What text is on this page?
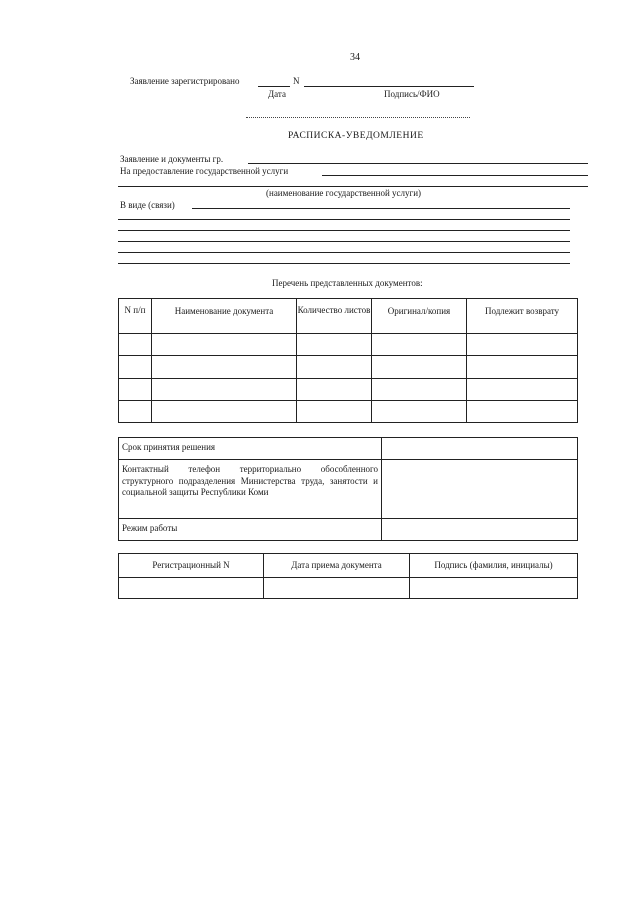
34
Заявление зарегистрировано	N
Дата	Подпись/ФИО
РАСПИСКА-УВЕДОМЛЕНИЕ
Заявление и документы гр.
На предоставление государственной услуги
(наименование государственной услуги)
В виде (связи)
Перечень представленных документов:
N п/п	Наименование документа	Количество листов	Оригинал/копия	Подлежит возврату

Срок принятия решения	
Контактный телефон территориально обособленного структурного подразделения Министерства труда, занятости и социальной защиты Республики Коми	
Режим работы	
Регистрационный N	Дата приема документа	Подпись (фамилия, инициалы)
